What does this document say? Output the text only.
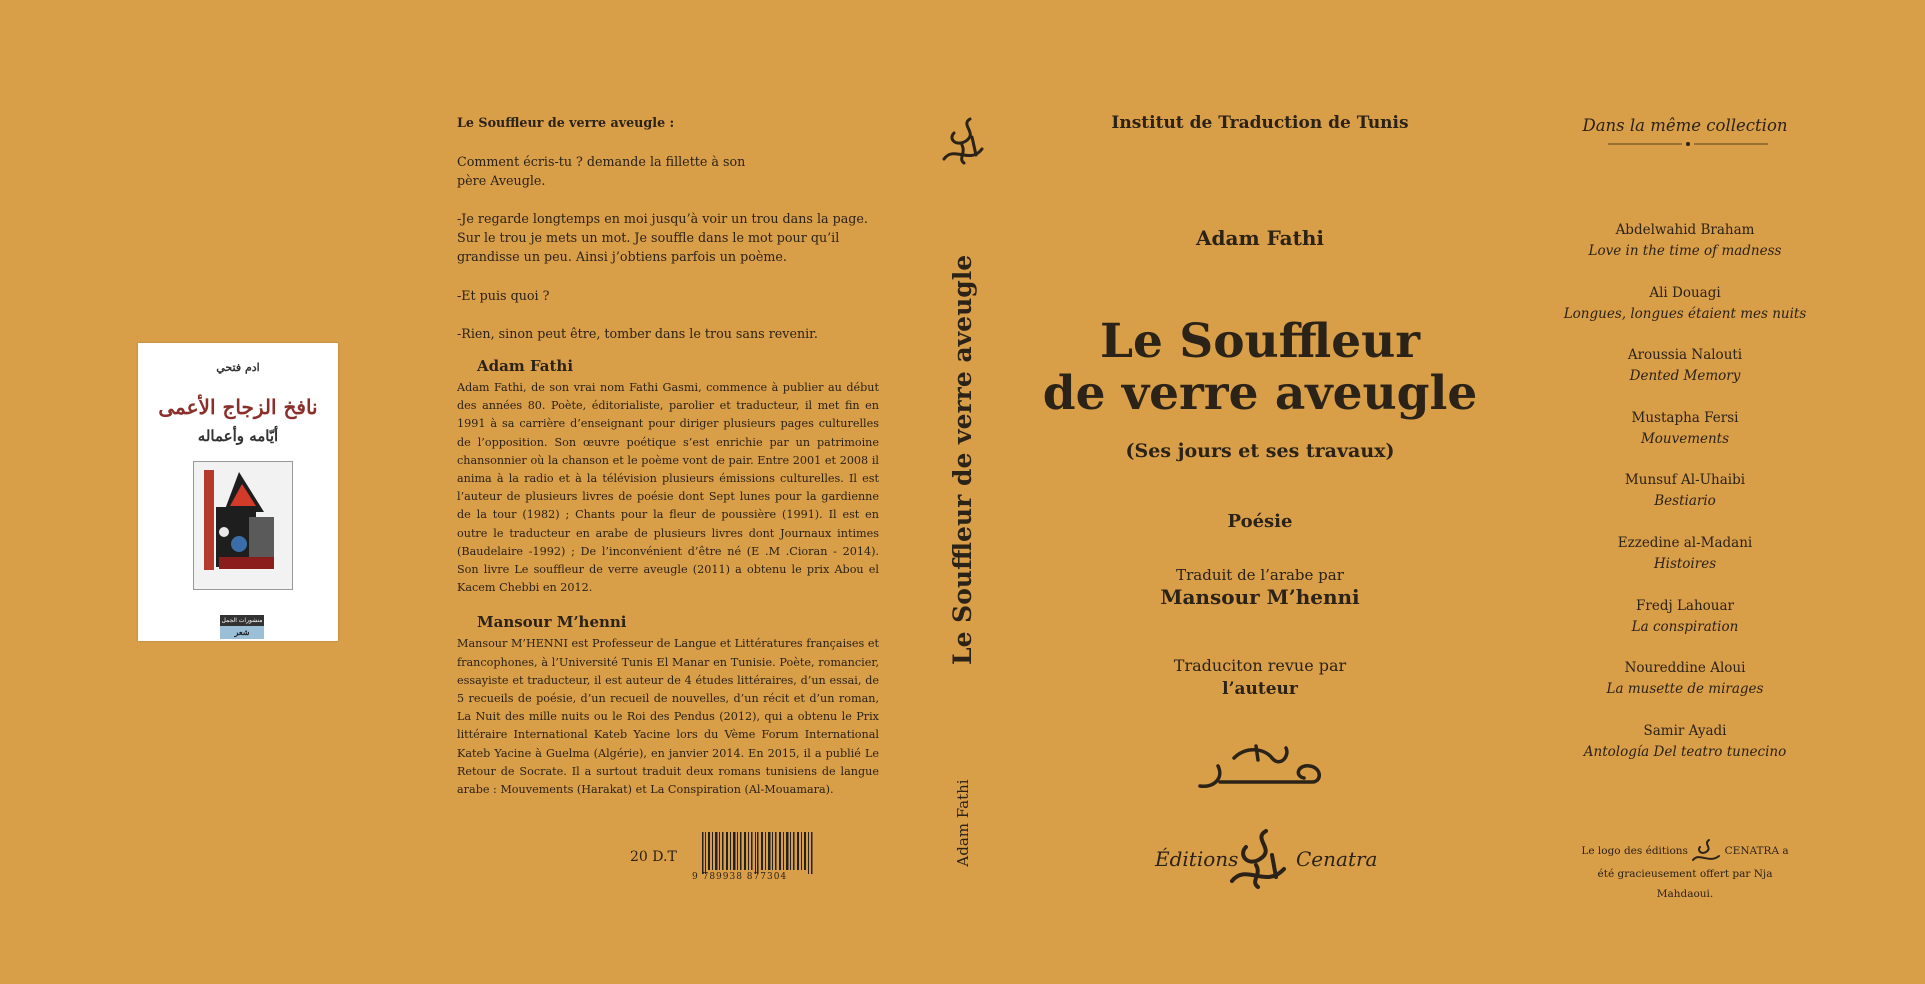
ادم فتحي
نافخ الزجاج الأعمى
أيّامه وأعماله
منشورات الجمل
شعر

Le Souffleur de verre aveugle :

Comment écris-tu ? demande la fillette à son père Aveugle.

-Je regarde longtemps en moi jusqu’à voir un trou dans la page. Sur le trou je mets un mot. Je souffle dans le mot pour qu’il grandisse un peu. Ainsi j’obtiens parfois un poème.

-Et puis quoi ?

-Rien, sinon peut être, tomber dans le trou sans revenir.

Adam Fathi
Adam Fathi, de son vrai nom Fathi Gasmi, commence à publier au début des années 80. Poète, éditorialiste, parolier et traducteur, il met fin en 1991 à sa carrière d’enseignant pour diriger plusieurs pages culturelles de l’opposition. Son œuvre poétique s’est enrichie par un patrimoine chansonnier où la chanson et le poème vont de pair. Entre 2001 et 2008 il anima à la radio et à la télévision plusieurs émissions culturelles. Il est l’auteur de plusieurs livres de poésie dont Sept lunes pour la gardienne de la tour (1982) ; Chants pour la fleur de poussière (1991). Il est en outre le traducteur en arabe de plusieurs livres dont Journaux intimes (Baudelaire -1992) ; De l’inconvénient d’être né (E .M .Cioran - 2014). Son livre Le souffleur de verre aveugle (2011) a obtenu le prix Abou el Kacem Chebbi en 2012.
Mansour M’henni
Mansour M’HENNI est Professeur de Langue et Littératures françaises et francophones, à l’Université Tunis El Manar en Tunisie. Poète, romancier, essayiste et traducteur, il est auteur de 4 études littéraires, d’un essai, de 5 recueils de poésie, d’un recueil de nouvelles, d’un récit et d’un roman, La Nuit des mille nuits ou le Roi des Pendus (2012), qui a obtenu le Prix littéraire International Kateb Yacine lors du Vème Forum International Kateb Yacine à Guelma (Algérie), en janvier 2014. En 2015, il a publié Le Retour de Socrate. Il a surtout traduit deux romans tunisiens de langue arabe : Mouvements (Harakat) et La Conspiration (Al-Mouamara).
20 D.T
9 789938 877304
Le Souffleur de verre aveugle
Adam Fathi
Institut de Traduction de Tunis
Adam Fathi
Le Souffleur
de verre aveugle
(Ses jours et ses travaux)
Poésie
Traduit de l’arabe par
Mansour M’henni
Traduciton revue par
l’auteur
Éditions	Cenatra
Dans la même collection
Abdelwahid Braham
Love in the time of madness
Ali Douagi
Longues, longues étaient mes nuits
Aroussia Nalouti
Dented Memory
Mustapha Fersi
Mouvements
Munsuf Al-Uhaibi
Bestiario
Ezzedine al-Madani
Histoires
Fredj Lahouar
La conspiration
Noureddine Aloui
La musette de mirages
Samir Ayadi
Antología Del teatro tunecino
Le logo des éditions	CENATRA a été gracieusement offert par Nja Mahdaoui.
